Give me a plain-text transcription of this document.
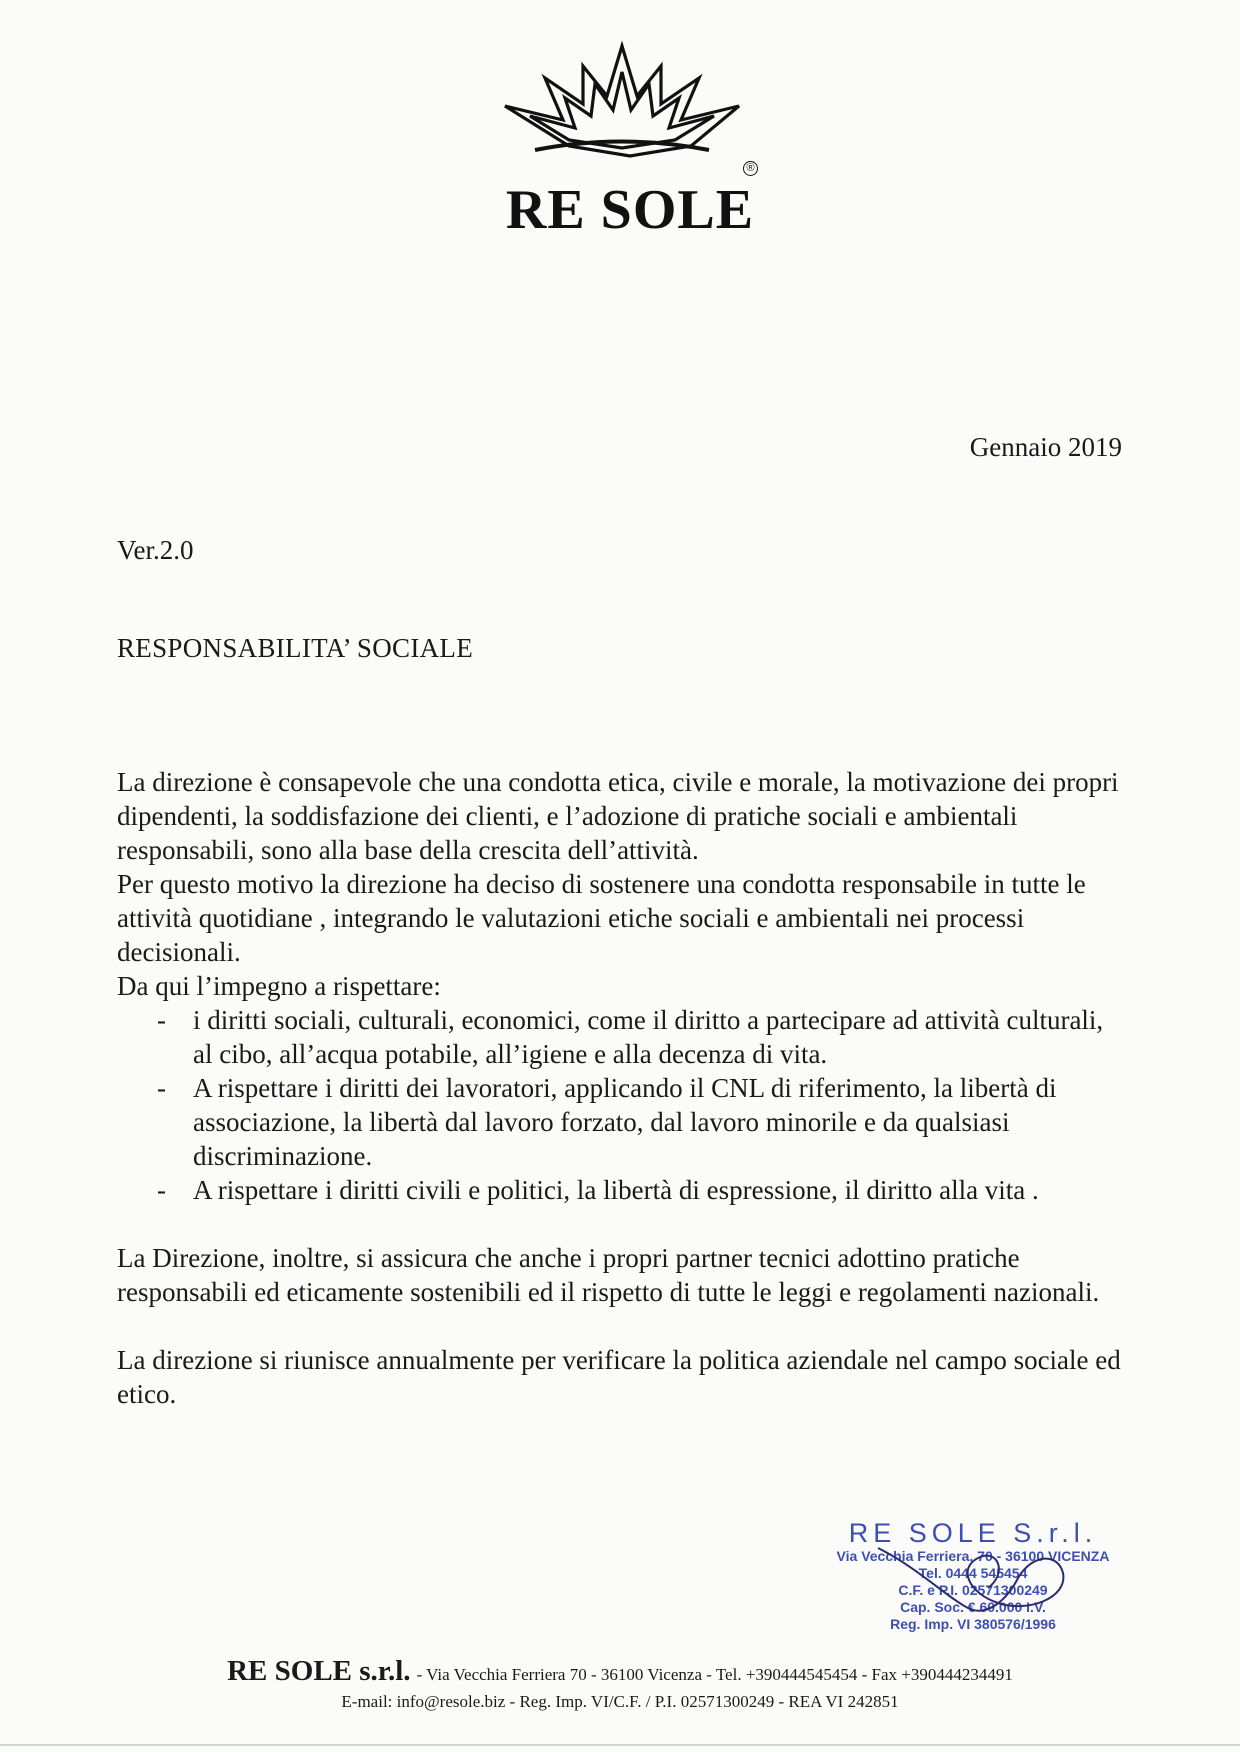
®
RE SOLE
Gennaio 2019
Ver.2.0
RESPONSABILITA’ SOCIALE

La direzione è consapevole che una condotta etica, civile e morale, la motivazione dei propri dipendenti, la soddisfazione dei clienti, e l’adozione di pratiche sociali e ambientali responsabili, sono alla base della crescita dell’attività.

Per questo motivo la direzione ha deciso di sostenere una condotta responsabile in tutte le attività quotidiane , integrando le valutazioni etiche sociali e ambientali nei processi decisionali.

Da qui l’impegno a rispettare:

- i diritti sociali, culturali, economici, come il diritto a partecipare ad attività culturali, al cibo, all’acqua potabile, all’igiene e alla decenza di vita.
- A rispettare i diritti dei lavoratori, applicando il CNL di riferimento, la libertà di associazione, la libertà dal lavoro forzato, dal lavoro minorile e da qualsiasi discriminazione.
- A rispettare i diritti civili e politici, la libertà di espressione, il diritto alla vita .

La Direzione, inoltre, si assicura che anche i propri partner tecnici adottino pratiche responsabili ed eticamente sostenibili ed il rispetto di tutte le leggi e regolamenti nazionali.

La direzione si riunisce annualmente per verificare la politica aziendale nel campo sociale ed etico.

RE SOLE S.r.l.
Via Vecchia Ferriera, 70 - 36100 VICENZA
Tel. 0444 545454
C.F. e P.I. 02571300249
Cap. Soc. € 60.000 I.V.
Reg. Imp. VI 380576/1996
RE SOLE s.r.l. - Via Vecchia Ferriera 70 - 36100 Vicenza - Tel. +390444545454 - Fax +390444234491
E-mail: info@resole.biz - Reg. Imp. VI/C.F. / P.I. 02571300249 - REA VI 242851
